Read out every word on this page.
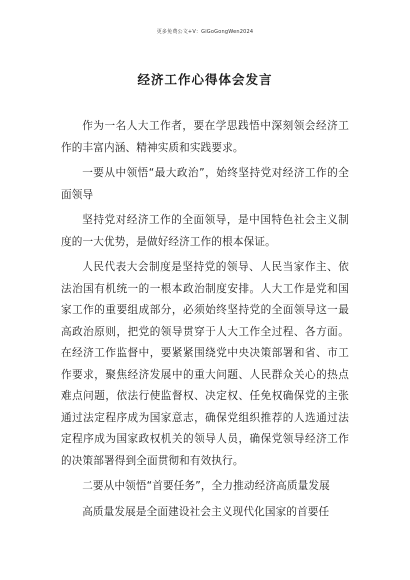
更多免费公文+V：GiGoGongWen2024
经济工作心得体会发言

作为一名人大工作者，要在学思践悟中深刻领会经济工作的丰富内涵、精神实质和实践要求。

一要从中领悟“最大政治”，始终坚持党对经济工作的全面领导

坚持党对经济工作的全面领导，是中国特色社会主义制度的一大优势，是做好经济工作的根本保证。

人民代表大会制度是坚持党的领导、人民当家作主、依法治国有机统一的一根本政治制度安排。人大工作是党和国家工作的重要组成部分，必须始终坚持党的全面领导这一最高政治原则，把党的领导贯穿于人大工作全过程、各方面。在经济工作监督中，要紧紧围绕党中央决策部署和省、市工作要求，聚焦经济发展中的重大问题、人民群众关心的热点难点问题，依法行使监督权、决定权、任免权确保党的主张通过法定程序成为国家意志，确保党组织推荐的人选通过法定程序成为国家政权机关的领导人员，确保党领导经济工作的决策部署得到全面贯彻和有效执行。

二要从中领悟“首要任务”，全力推动经济高质量发展

高质量发展是全面建设社会主义现代化国家的首要任
